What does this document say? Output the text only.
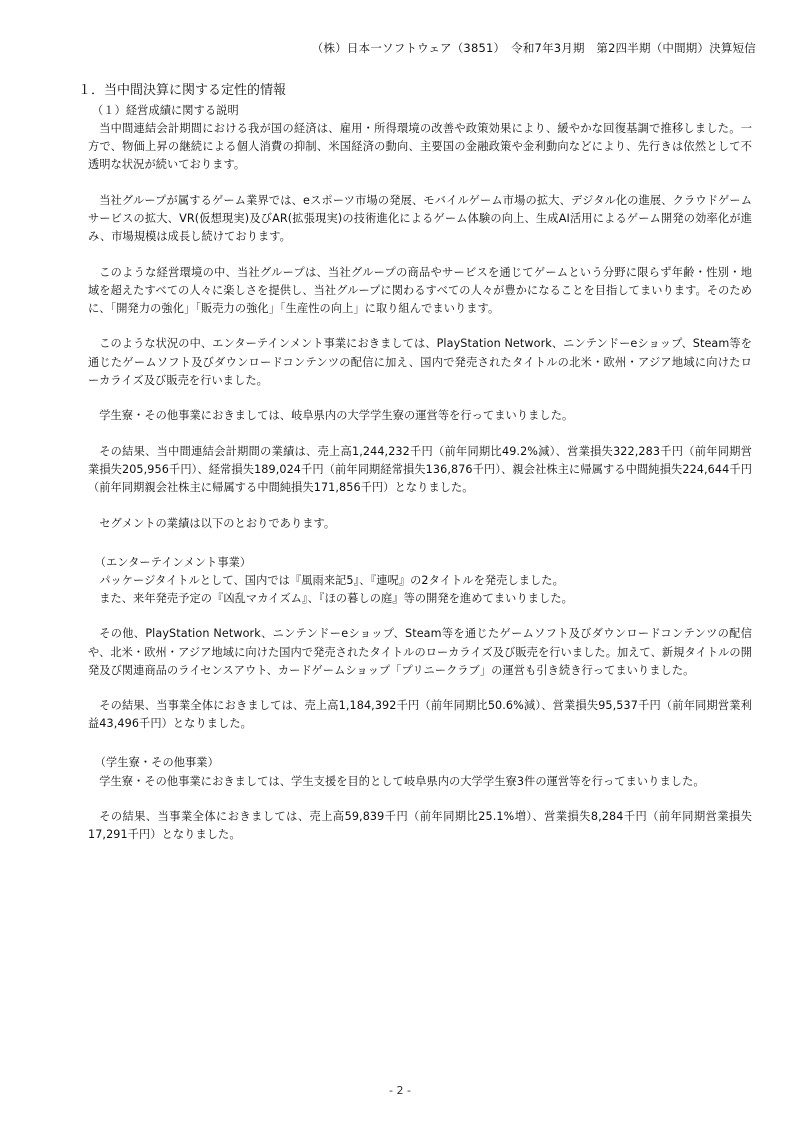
（株）日本一ソフトウェア（3851）　令和7年3月期　第2四半期（中間期）決算短信
１．当中間決算に関する定性的情報
（１）経営成績に関する説明

当中間連結会計期間における我が国の経済は、雇用・所得環境の改善や政策効果により、緩やかな回復基調で推移しました。一方で、物価上昇の継続による個人消費の抑制、米国経済の動向、主要国の金融政策や金利動向などにより、先行きは依然として不透明な状況が続いております。

当社グループが属するゲーム業界では、eスポーツ市場の発展、モバイルゲーム市場の拡大、デジタル化の進展、クラウドゲームサービスの拡大、VR(仮想現実)及びAR(拡張現実)の技術進化によるゲーム体験の向上、生成AI活用によるゲーム開発の効率化が進み、市場規模は成長し続けております。

このような経営環境の中、当社グループは、当社グループの商品やサービスを通じてゲームという分野に限らず年齢・性別・地域を超えたすべての人々に楽しさを提供し、当社グループに関わるすべての人々が豊かになることを目指してまいります。そのために、「開発力の強化」「販売力の強化」「生産性の向上」に取り組んでまいります。

このような状況の中、エンターテインメント事業におきましては、PlayStation Network、ニンテンドーeショップ、Steam等を通じたゲームソフト及びダウンロードコンテンツの配信に加え、国内で発売されたタイトルの北米・欧州・アジア地域に向けたローカライズ及び販売を行いました。

学生寮・その他事業におきましては、岐阜県内の大学学生寮の運営等を行ってまいりました。

その結果、当中間連結会計期間の業績は、売上高1,244,232千円（前年同期比49.2%減）、営業損失322,283千円（前年同期営業損失205,956千円）、経常損失189,024千円（前年同期経常損失136,876千円）、親会社株主に帰属する中間純損失224,644千円（前年同期親会社株主に帰属する中間純損失171,856千円）となりました。

セグメントの業績は以下のとおりであります。

（エンターテインメント事業）

パッケージタイトルとして、国内では『風雨来記5』、『連呪』の2タイトルを発売しました。

また、来年発売予定の『凶乱マカイズム』、『ほの暮しの庭』等の開発を進めてまいりました。

その他、PlayStation Network、ニンテンドーeショップ、Steam等を通じたゲームソフト及びダウンロードコンテンツの配信や、北米・欧州・アジア地域に向けた国内で発売されたタイトルのローカライズ及び販売を行いました。加えて、新規タイトルの開発及び関連商品のライセンスアウト、カードゲームショップ「プリニークラブ」の運営も引き続き行ってまいりました。

その結果、当事業全体におきましては、売上高1,184,392千円（前年同期比50.6%減）、営業損失95,537千円（前年同期営業利益43,496千円）となりました。

（学生寮・その他事業）

学生寮・その他事業におきましては、学生支援を目的として岐阜県内の大学学生寮3件の運営等を行ってまいりました。

その結果、当事業全体におきましては、売上高59,839千円（前年同期比25.1%増）、営業損失8,284千円（前年同期営業損失17,291千円）となりました。

- 2 -
